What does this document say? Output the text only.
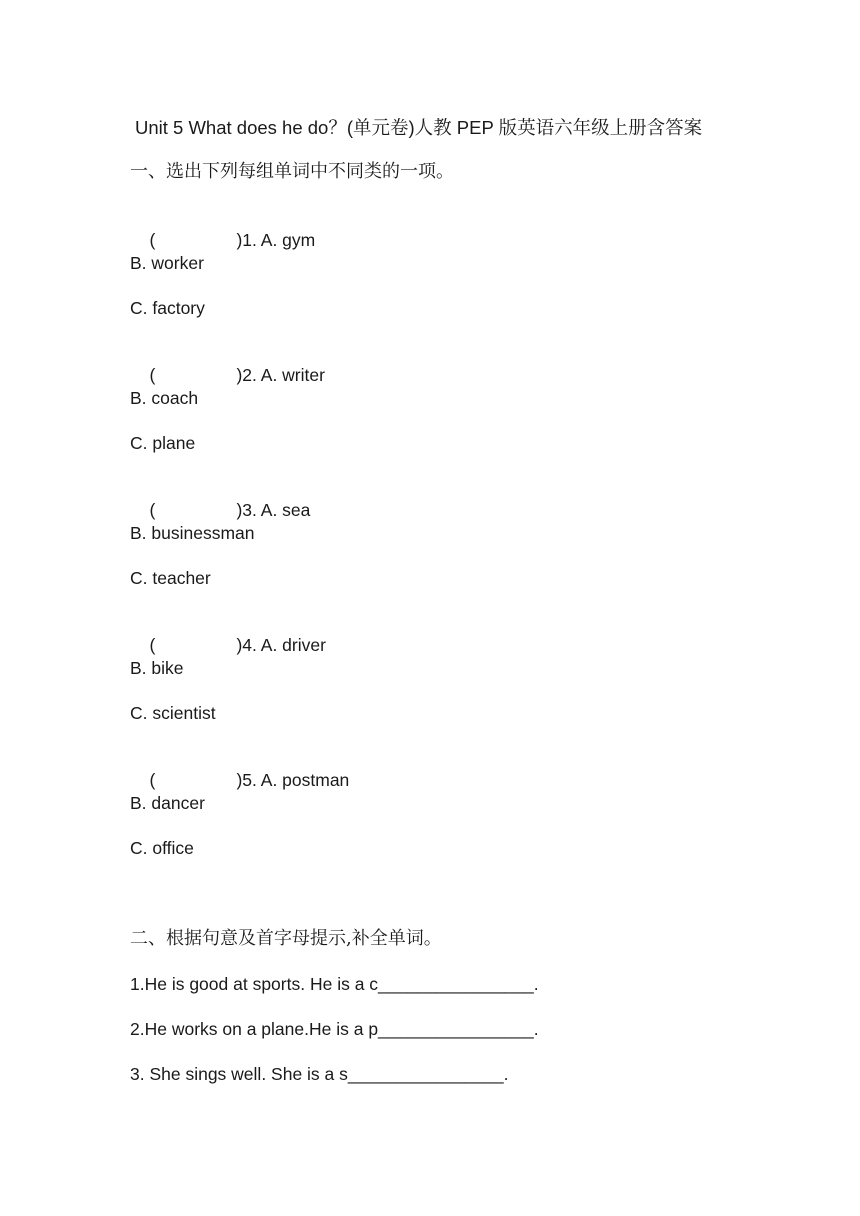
Unit 5 What does he do？(单元卷)人教 PEP 版英语六年级上册含答案
一、选出下列每组单词中不同类的一项。

(	)1. A. gym

B. worker
C. factory

(	)2. A. writer

B. coach
C. plane

(	)3. A. sea

B. businessman
C. teacher

(	)4. A. driver

B. bike
C. scientist

(	)5. A. postman

B. dancer
C. office
二、根据句意及首字母提示,补全单词。
1.He is good at sports. He is a c________________.
2.He works on a plane.He is a p________________.
3. She sings well. She is a s________________.
